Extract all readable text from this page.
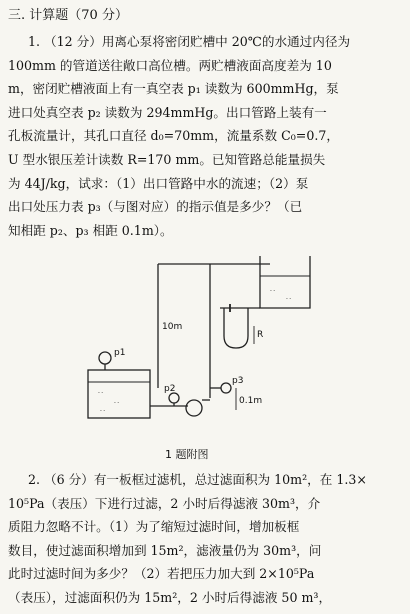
三. 计算题（70 分）
1. （12 分）用离心泵将密闭贮槽中 20℃的水通过内径为
100mm 的管道送往敞口高位槽。两贮槽液面高度差为 10
m，密闭贮槽液面上有一真空表 p₁ 读数为 600mmHg，泵
进口处真空表 p₂ 读数为 294mmHg。出口管路上装有一
孔板流量计，其孔口直径 d₀=70mm，流量系数 C₀=0.7，
U 型水银压差计读数 R=170 mm。已知管路总能量损失
为 44J/kg，试求：（1）出口管路中水的流速；（2）泵
出口处压力表 p₃（与图对应）的指示值是多少？（已
知相距 p₂、p₃ 相距 0.1m）。
- -
- -
- -
- -
- -
10m
R
0.1m
p1
p2
p3
1 题附图
2. （6 分）有一板框过滤机，总过滤面积为 10m²，在 1.3×
10⁵Pa（表压）下进行过滤，2 小时后得滤液 30m³，介
质阻力忽略不计。（1）为了缩短过滤时间，增加板框
数目，使过滤面积增加到 15m²，滤液量仍为 30m³，问
此时过滤时间为多少？（2）若把压力加大到 2×10⁵Pa
（表压），过滤面积仍为 15m²，2 小时后得滤液 50 m³，
